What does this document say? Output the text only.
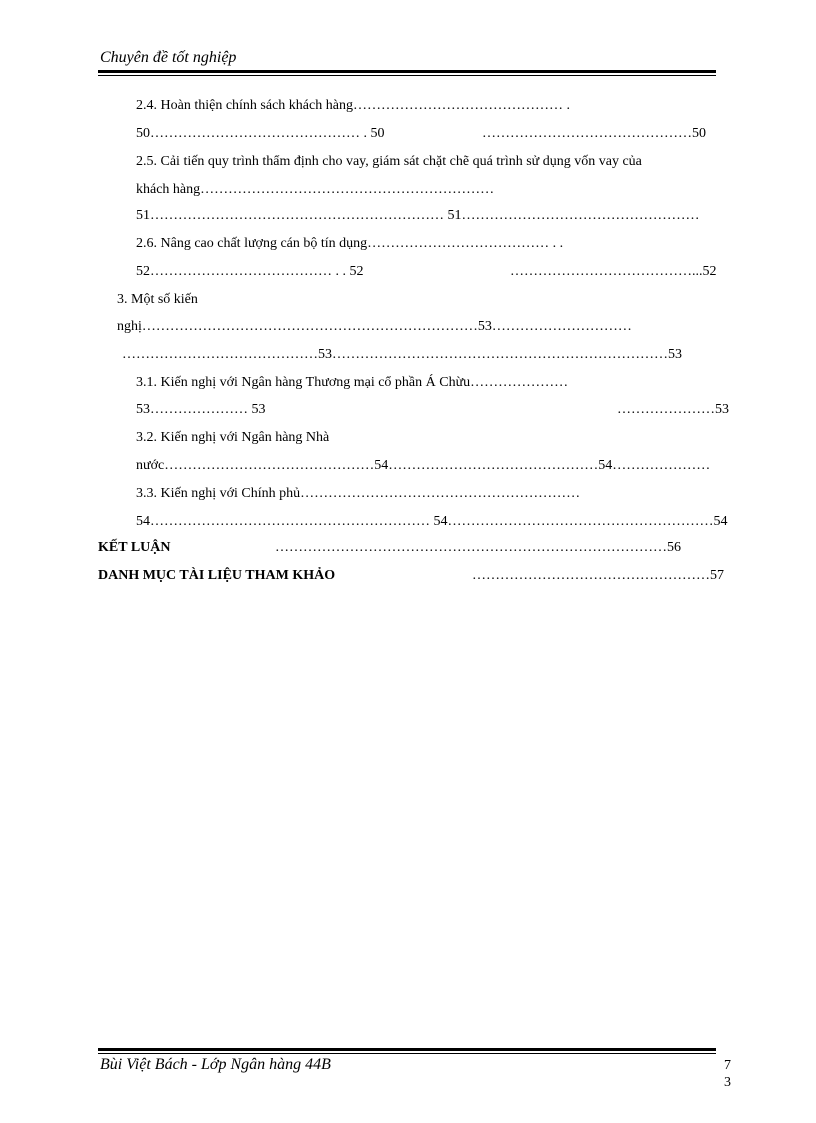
Chuyên đề tốt nghiệp
2.4. Hoàn thiện chính sách khách hàng……………………………………… .
50……………………………………… . 50	………………………………………50
2.5. Cải tiến quy trình thẩm định cho vay, giám sát chặt chẽ quá trình sử dụng vốn vay của
khách hàng………………………………………………………
51……………………………………………………… 51……………………………………………
2.6. Nâng cao chất lượng cán bộ tín dụng………………………………… . .
52………………………………… . . 52	…………………………………...52
3. Một số kiến
nghị………………………………………………………………53…………………………
……………………………………53………………………………………………………………53
3.1. Kiến nghị với Ngân hàng Thương mại cổ phần Á Chừu…………………
53………………… 53	…………………53
3.2. Kiến nghị với Ngân hàng Nhà
nước………………………………………54………………………………………54…………………
3.3. Kiến nghị với Chính phủ……………………………………………………
54…………………………………………………… 54…………………………………………………54
KẾT LUẬN	…………………………………………………………………………56
DANH MỤC TÀI LIỆU THAM KHẢO	……………………………………………57
Bùi Việt Bách - Lớp Ngân hàng 44B	7
3
